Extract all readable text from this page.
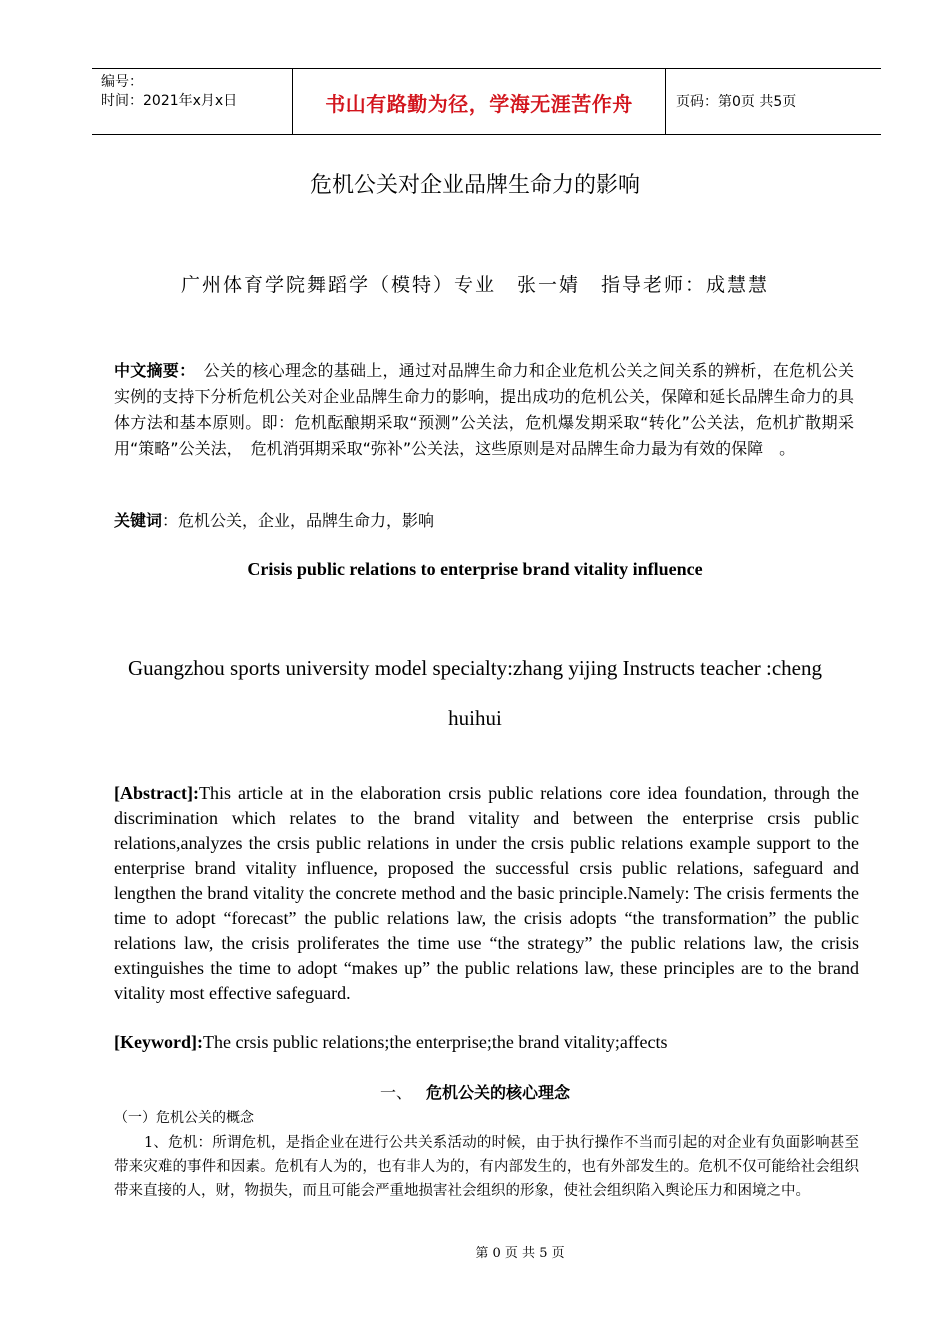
编号：
时间：2021年x月x日	书山有路勤为径，学海无涯苦作舟	页码：第0页 共5页
危机公关对企业品牌生命力的影响
广州体育学院舞蹈学（模特）专业　张一婧　指导老师：成慧慧
中文摘要：　公关的核心理念的基础上，通过对品牌生命力和企业危机公关之间关系的辨析，在危机公关实例的支持下分析危机公关对企业品牌生命力的影响，提出成功的危机公关，保障和延长品牌生命力的具体方法和基本原则。即：危机酝酿期采取“预测”公关法，危机爆发期采取“转化”公关法，危机扩散期采用“策略”公关法，　危机消弭期采取“弥补”公关法，这些原则是对品牌生命力最为有效的保障　。
关键词：危机公关，企业，品牌生命力，影响
Crisis public relations to enterprise brand vitality influence
Guangzhou sports university model specialty:zhang yijing Instructs teacher :cheng huihui
[Abstract]:This article at in the elaboration crsis public relations core idea foundation, through the discrimination which relates to the brand vitality and between the enterprise crsis public relations,analyzes the crsis public relations in under the crsis public relations example support to the enterprise brand vitality influence, proposed the successful crsis public relations, safeguard and lengthen the brand vitality the concrete method and the basic principle.Namely: The crisis ferments the time to adopt “forecast” the public relations law, the crisis adopts “the transformation” the public relations law, the crisis proliferates the time use “the strategy” the public relations law, the crisis extinguishes the time to adopt “makes up” the public relations law, these principles are to the brand vitality most effective safeguard.
[Keyword]:The crsis public relations;the enterprise;the brand vitality;affects
一、 危机公关的核心理念
（一）危机公关的概念
1、危机：所谓危机，是指企业在进行公共关系活动的时候，由于执行操作不当而引起的对企业有负面影响甚至带来灾难的事件和因素。危机有人为的，也有非人为的，有内部发生的，也有外部发生的。危机不仅可能给社会组织带来直接的人，财，物损失，而且可能会严重地损害社会组织的形象，使社会组织陷入舆论压力和困境之中。
第 0 页 共 5 页
